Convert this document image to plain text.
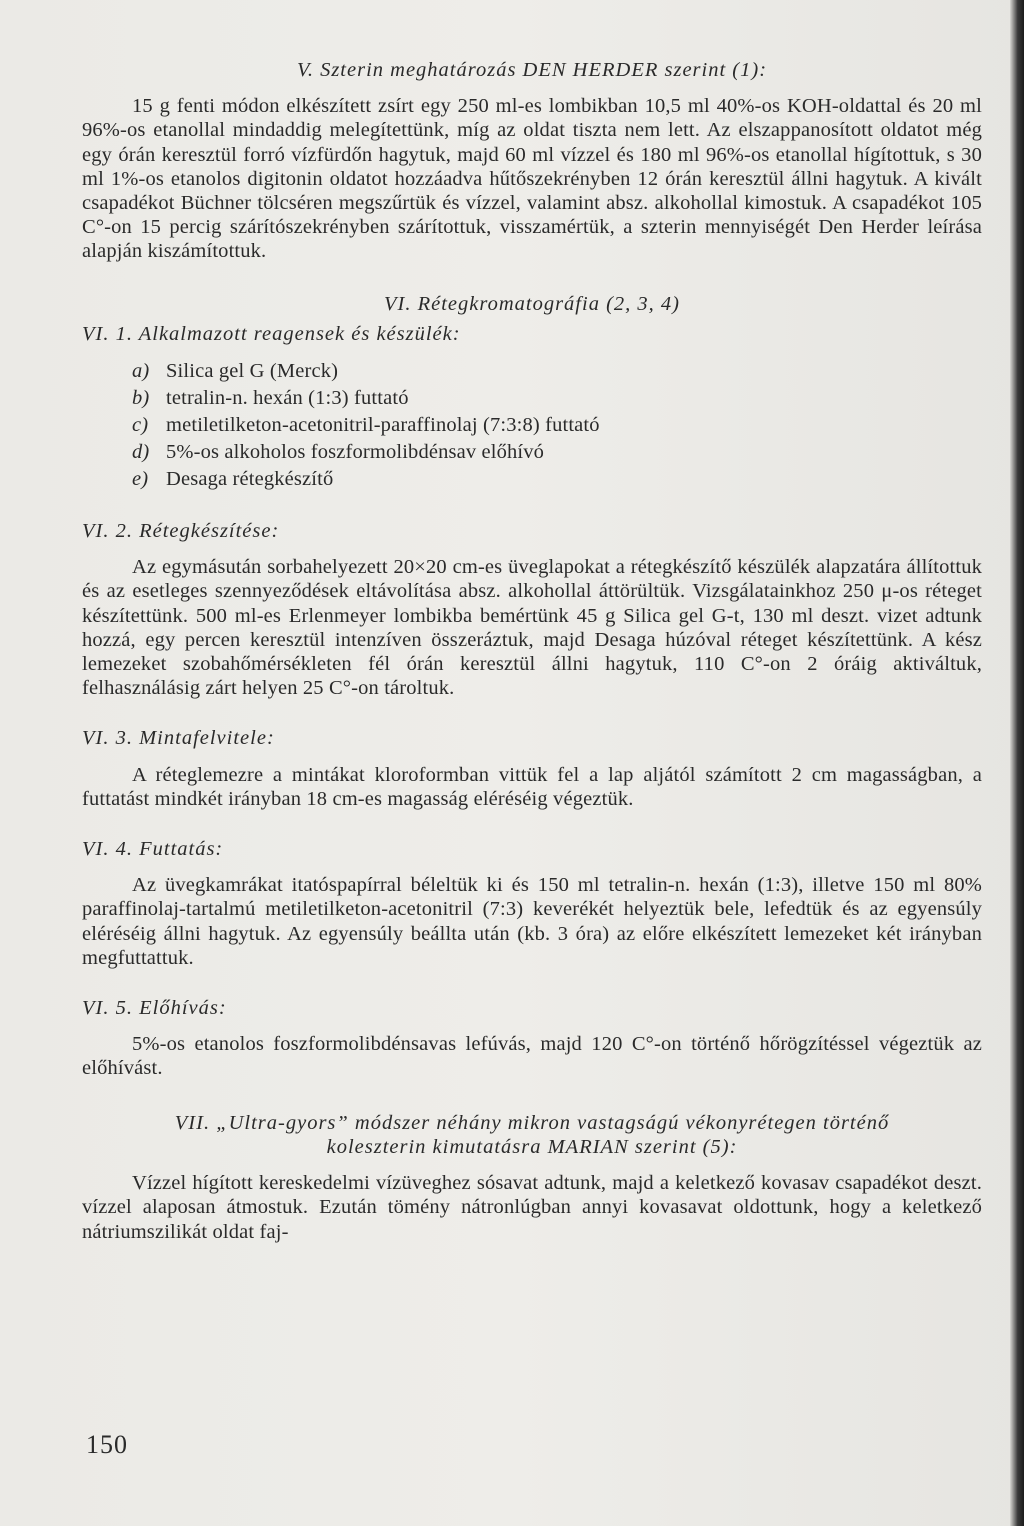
V. Szterin meghatározás DEN HERDER szerint (1):

15 g fenti módon elkészített zsírt egy 250 ml-es lombikban 10,5 ml 40%-os KOH-oldattal és 20 ml 96%-os etanollal mindaddig melegítettünk, míg az oldat tiszta nem lett. Az elszappanosított oldatot még egy órán keresztül forró vízfürdőn hagytuk, majd 60 ml vízzel és 180 ml 96%-os etanollal hígítottuk, s 30 ml 1%-os etanolos digitonin oldatot hozzáadva hűtőszekrényben 12 órán keresztül állni hagytuk. A kivált csapadékot Büchner tölcséren megszűrtük és vízzel, valamint absz. alkohollal kimostuk. A csapadékot 105 C°-on 15 percig szárítószekrényben szárítottuk, visszamértük, a szterin mennyiségét Den Herder leírása alapján kiszámítottuk.

VI. Rétegkromatográfia (2, 3, 4)
VI. 1. Alkalmazott reagensek és készülék:
a) Silica gel G (Merck)
b) tetralin-n. hexán (1:3) futtató
c) metiletilketon-acetonitril-paraffinolaj (7:3:8) futtató
d) 5%-os alkoholos foszformolibdénsav előhívó
e) Desaga rétegkészítő
VI. 2. Rétegkészítése:

Az egymásután sorbahelyezett 20×20 cm-es üveglapokat a rétegkészítő készülék alapzatára állítottuk és az esetleges szennyeződések eltávolítása absz. alkohollal áttörültük. Vizsgálatainkhoz 250 μ-os réteget készítettünk. 500 ml-es Erlenmeyer lombikba bemértünk 45 g Silica gel G-t, 130 ml deszt. vizet adtunk hozzá, egy percen keresztül intenzíven összeráztuk, majd Desaga húzóval réteget készítettünk. A kész lemezeket szobahőmérsékleten fél órán keresztül állni hagytuk, 110 C°-on 2 óráig aktiváltuk, felhasználásig zárt helyen 25 C°-on tároltuk.

VI. 3. Mintafelvitele:

A réteglemezre a mintákat kloroformban vittük fel a lap aljától számított 2 cm magasságban, a futtatást mindkét irányban 18 cm-es magasság eléréséig végeztük.

VI. 4. Futtatás:

Az üvegkamrákat itatóspapírral béleltük ki és 150 ml tetralin-n. hexán (1:3), illetve 150 ml 80% paraffinolaj-tartalmú metiletilketon-acetonitril (7:3) keverékét helyeztük bele, lefedtük és az egyensúly eléréséig állni hagytuk. Az egyensúly beállta után (kb. 3 óra) az előre elkészített lemezeket két irányban megfuttattuk.

VI. 5. Előhívás:

5%-os etanolos foszformolibdénsavas lefúvás, majd 120 C°-on történő hőrögzítéssel végeztük az előhívást.

VII. „Ultra-gyors” módszer néhány mikron vastagságú vékonyrétegen történő
koleszterin kimutatásra MARIAN szerint (5):

Vízzel hígított kereskedelmi vízüveghez sósavat adtunk, majd a keletkező kovasav csapadékot deszt. vízzel alaposan átmostuk. Ezután tömény nátronlúgban annyi kovasavat oldottunk, hogy a keletkező nátriumszilikát oldat faj-

150
